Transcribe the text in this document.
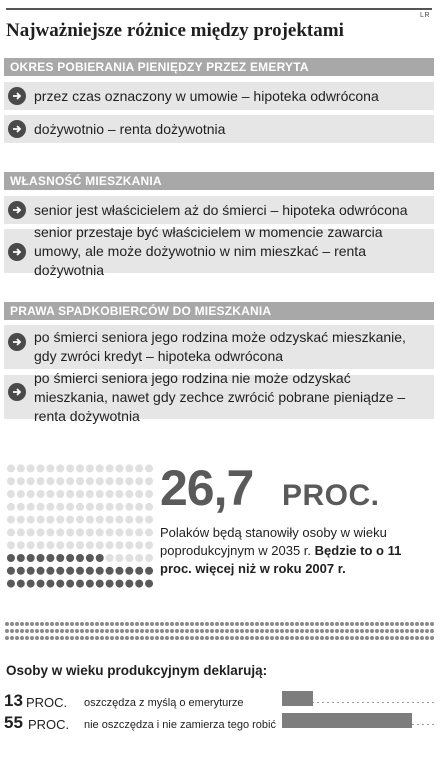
LR
Najważniejsze różnice między projektami
OKRES POBIERANIA PIENIĘDZY PRZEZ EMERYTA
przez czas oznaczony w umowie – hipoteka odwrócona
dożywotnio – renta dożywotnia
WŁASNOŚĆ MIESZKANIA
senior jest właścicielem aż do śmierci – hipoteka odwrócona
senior przestaje być właścicielem w momencie zawarcia umowy, ale może dożywotnio w nim mieszkać – renta dożywotnia
PRAWA SPADKOBIERCÓW DO MIESZKANIA
po śmierci seniora jego rodzina może odzyskać mieszkanie, gdy zwróci kredyt – hipoteka odwrócona
po śmierci seniora jego rodzina nie może odzyskać mieszkania, nawet gdy zechce zwrócić pobrane pieniądze – renta dożywotnia
26,7 PROC.
Polaków będą stanowiły osoby w wieku poprodukcyjnym w 2035 r. Będzie to o 11 proc. więcej niż w roku 2007 r.
Osoby w wieku produkcyjnym deklarują:
13 PROC. oszczędza z myślą o emeryturze
55 PROC. nie oszczędza i nie zamierza tego robić
